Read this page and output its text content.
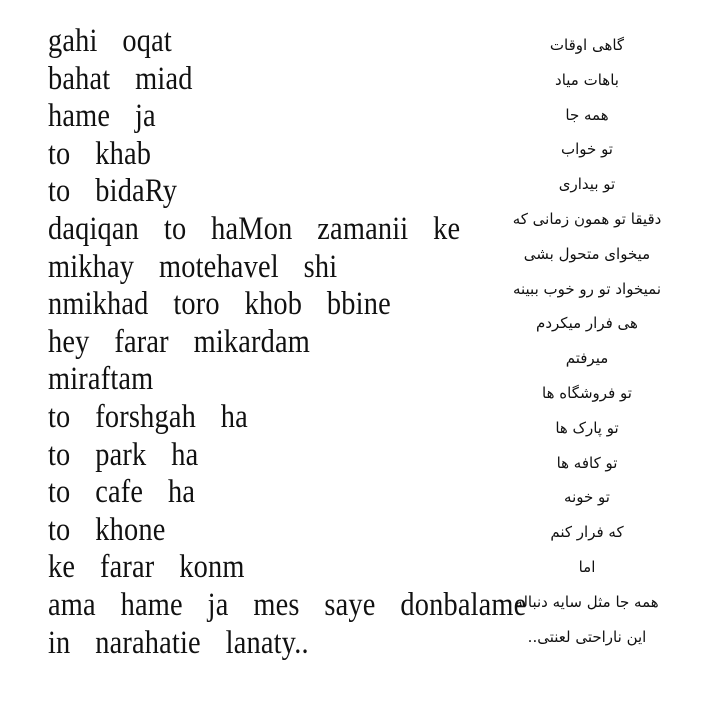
gahi  oqat
bahat  miad
hame  ja
to  khab
to  bidaRy
daqiqan  to  haMon  zamanii  ke
mikhay  motehavel  shi
nmikhad  toro  khob  bbine
hey  farar  mikardam
miraftam
to  forshgah  ha
to  park  ha
to  cafe  ha
to  khone
ke  farar  konm
ama  hame  ja  mes  saye  donbalame
in  narahatie  lanaty..
گاهی اوقات
باهات میاد
همه جا
تو خواب
تو بیداری
دقیقا تو همون زمانی که
میخوای متحول بشی
نمیخواد تو رو خوب ببینه
هی فرار میکردم
میرفتم
تو فروشگاه ها
تو پارک ها
تو کافه ها
تو خونه
که فرار کنم
اما
همه جا مثل سایه دنباله
این ناراحتی لعنتی..
